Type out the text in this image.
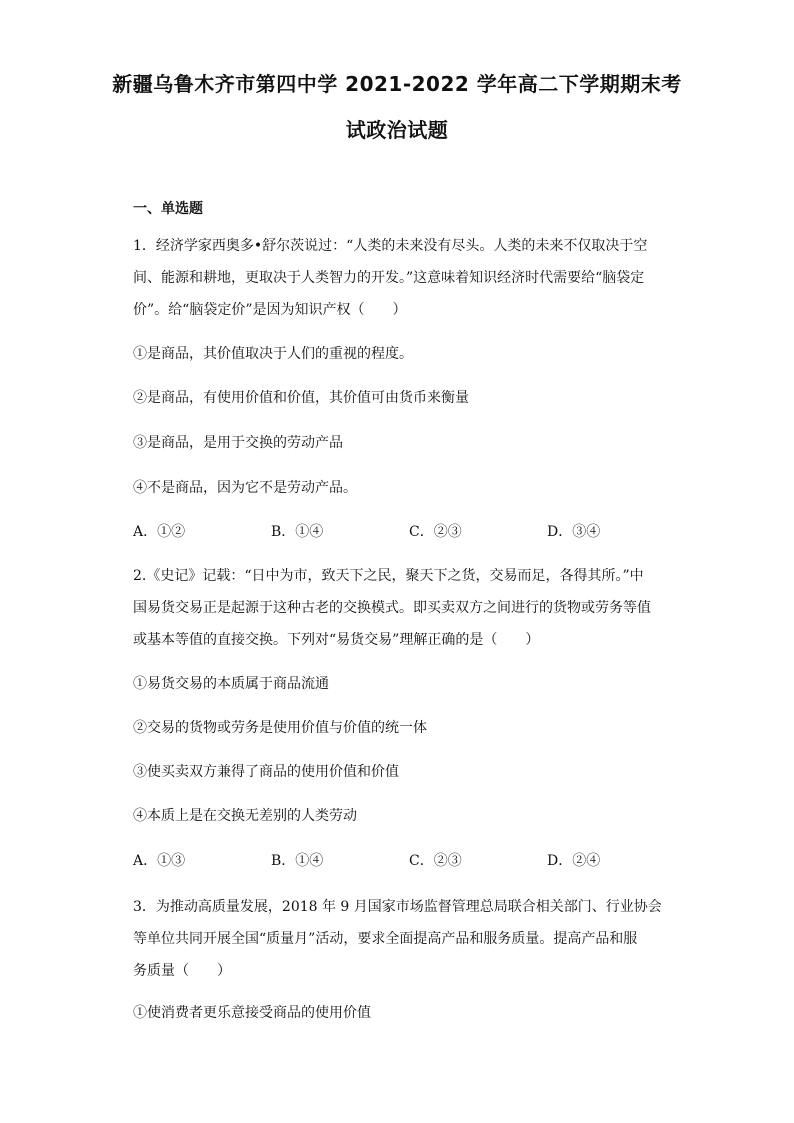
新疆乌鲁木齐市第四中学 2021-2022 学年高二下学期期末考
试政治试题
一、单选题
1．经济学家西奥多•舒尔茨说过：“人类的未来没有尽头。人类的未来不仅取决于空
间、能源和耕地，更取决于人类智力的开发。”这意味着知识经济时代需要给“脑袋定
价”。给“脑袋定价”是因为知识产权（　　）
①是商品，其价值取决于人们的重视的程度。
②是商品，有使用价值和价值，其价值可由货币来衡量
③是商品，是用于交换的劳动产品
④不是商品，因为它不是劳动产品。
A．①②	B．①④	C．②③	D．③④
2.《史记》记载：“日中为市，致天下之民，聚天下之货，交易而足，各得其所。”中
国易货交易正是起源于这种古老的交换模式。即买卖双方之间进行的货物或劳务等值
或基本等值的直接交换。下列对“易货交易”理解正确的是（　　）
①易货交易的本质属于商品流通
②交易的货物或劳务是使用价值与价值的统一体
③使买卖双方兼得了商品的使用价值和价值
④本质上是在交换无差别的人类劳动
A．①③	B．①④	C．②③	D．②④
3．为推动高质量发展，2018 年 9 月国家市场监督管理总局联合相关部门、行业协会
等单位共同开展全国“质量月”活动，要求全面提高产品和服务质量。提高产品和服
务质量（　　）
①使消费者更乐意接受商品的使用价值
